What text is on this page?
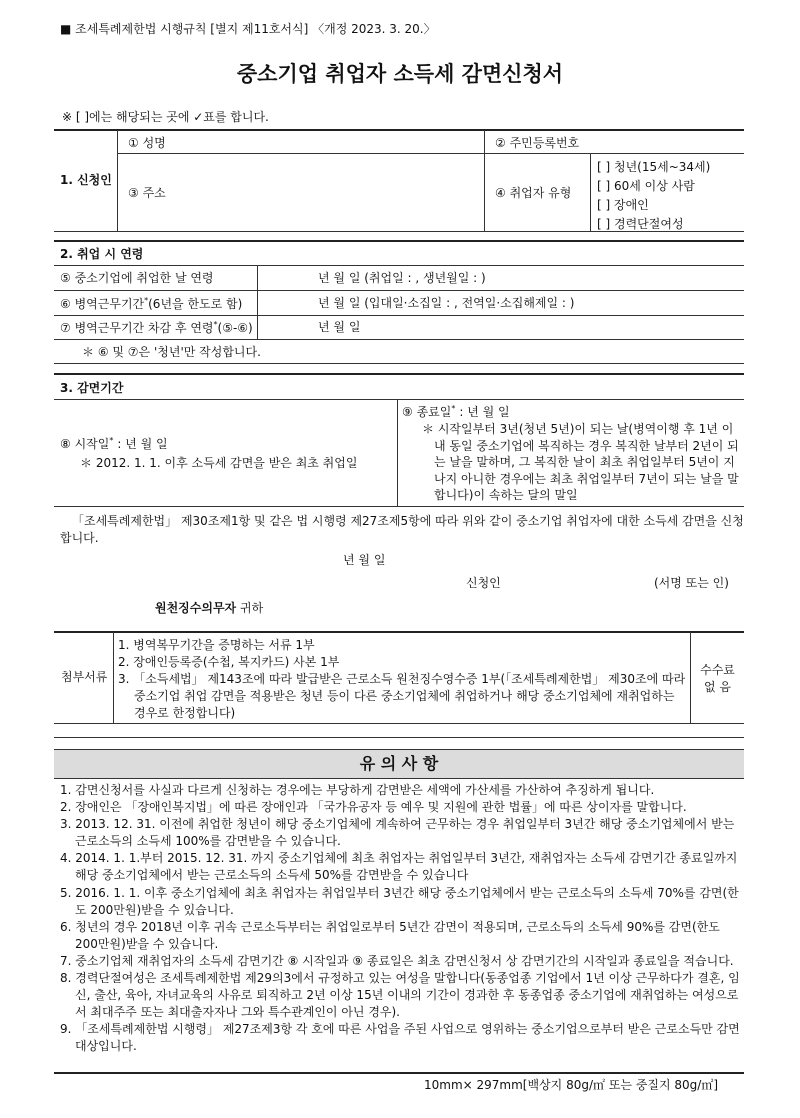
■ 조세특례제한법 시행규칙 [별지 제11호서식] 〈개정 2023. 3. 20.〉
중소기업 취업자 소득세 감면신청서
※ [ ]에는 해당되는 곳에 ✓표를 합니다.
1. 신청인
① 성명	② 주민등록번호
③ 주소	④ 취업자 유형
[ ] 청년(15세~34세)
[ ] 60세 이상 사람
[ ] 장애인
[ ] 경력단절여성
2. 취업 시 연령
⑤ 중소기업에 취업한 날 연령	년 월 일 (취업일 : , 생년월일 : )
⑥ 병역근무기간*(6년을 한도로 함)	년 월 일 (입대일·소집일 : , 전역일·소집해제일 : )
⑦ 병역근무기간 차감 후 연령*(⑤-⑥)	년 월 일
＊ ⑥ 및 ⑦은 '청년'만 작성합니다.
3. 감면기간
⑧ 시작일* : 년 월 일
＊ 2012. 1. 1. 이후 소득세 감면을 받은 최초 취업일
⑨ 종료일* : 년 월 일
＊ 시작일부터 3년(청년 5년)이 되는 날(병역이행 후 1년 이내 동일 중소기업에 복직하는 경우 복직한 날부터 2년이 되는 날을 말하며, 그 복직한 날이 최초 취업일부터 5년이 지나지 아니한 경우에는 최초 취업일부터 7년이 되는 날을 말합니다)이 속하는 달의 말일
「조세특례제한법」 제30조제1항 및 같은 법 시행령 제27조제5항에 따라 위와 같이 중소기업 취업자에 대한 소득세 감면을 신청합니다.
년 월 일
신청인	(서명 또는 인)
원천징수의무자 귀하
첨부서류
1. 병역복무기간을 증명하는 서류 1부
2. 장애인등록증(수첩, 복지카드) 사본 1부
3. 「소득세법」 제143조에 따라 발급받은 근로소득 원천징수영수증 1부(「조세특례제한법」 제30조에 따라 중소기업 취업 감면을 적용받은 청년 등이 다른 중소기업체에 취업하거나 해당 중소기업체에 재취업하는 경우로 한정합니다)
수수료
없 음
유 의 사 항
1. 감면신청서를 사실과 다르게 신청하는 경우에는 부당하게 감면받은 세액에 가산세를 가산하여 추징하게 됩니다.
2. 장애인은 「장애인복지법」에 따른 장애인과 「국가유공자 등 예우 및 지원에 관한 법률」에 따른 상이자를 말합니다.
3. 2013. 12. 31. 이전에 취업한 청년이 해당 중소기업체에 계속하여 근무하는 경우 취업일부터 3년간 해당 중소기업체에서 받는 근로소득의 소득세 100%를 감면받을 수 있습니다.
4. 2014. 1. 1.부터 2015. 12. 31. 까지 중소기업체에 최초 취업자는 취업일부터 3년간, 재취업자는 소득세 감면기간 종료일까지 해당 중소기업체에서 받는 근로소득의 소득세 50%를 감면받을 수 있습니다
5. 2016. 1. 1. 이후 중소기업체에 최초 취업자는 취업일부터 3년간 해당 중소기업체에서 받는 근로소득의 소득세 70%를 감면(한도 200만원)받을 수 있습니다.
6. 청년의 경우 2018년 이후 귀속 근로소득부터는 취업일로부터 5년간 감면이 적용되며, 근로소득의 소득세 90%를 감면(한도 200만원)받을 수 있습니다.
7. 중소기업체 재취업자의 소득세 감면기간 ⑧ 시작일과 ⑨ 종료일은 최초 감면신청서 상 감면기간의 시작일과 종료일을 적습니다.
8. 경력단절여성은 조세특례제한법 제29의3에서 규정하고 있는 여성을 말합니다(동종업종 기업에서 1년 이상 근무하다가 결혼, 임신, 출산, 육아, 자녀교육의 사유로 퇴직하고 2년 이상 15년 이내의 기간이 경과한 후 동종업종 중소기업에 재취업하는 여성으로서 최대주주 또는 최대출자자나 그와 특수관계인이 아닌 경우).
9. 「조세특례제한법 시행령」 제27조제3항 각 호에 따른 사업을 주된 사업으로 영위하는 중소기업으로부터 받은 근로소득만 감면대상입니다.
10mm× 297mm[백상지 80g/㎡ 또는 중질지 80g/㎡]
